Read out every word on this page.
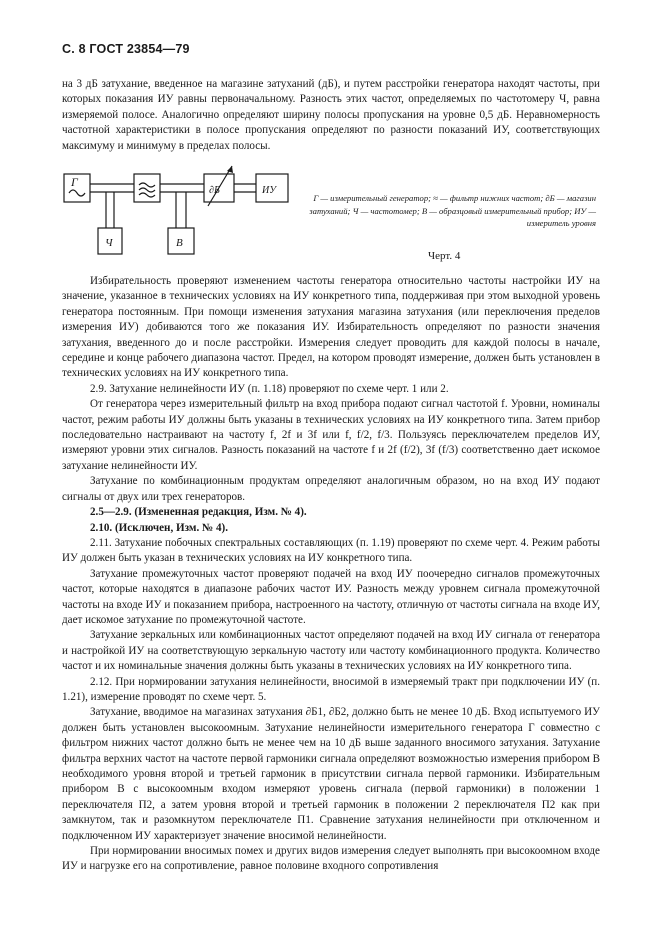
С. 8 ГОСТ 23854—79

на 3 дБ затухание, введенное на магазине затуханий (дБ), и путем расстройки генератора находят частоты, при которых показания ИУ равны первоначальному. Разность этих частот, определяемых по частотомеру Ч, равна измеряемой полосе. Аналогично определяют ширину полосы пропускания на уровне 0,5 дБ. Неравномерность частотной характеристики в полосе пропускания определяют по разности показаний ИУ, соответствующих максимуму и минимуму в пределах полосы.

Г
∂Б	ИУ
Ч	В
Г — измерительный генератор; ≈ — фильтр нижних частот; ∂Б — магазин затуханий; Ч — частотомер; В — образцовый измерительный прибор; ИУ — измеритель уровня
Черт. 4

Избирательность проверяют изменением частоты генератора относительно частоты настройки ИУ на значение, указанное в технических условиях на ИУ конкретного типа, поддерживая при этом выходной уровень генератора постоянным. При помощи изменения затухания магазина затухания (или переключения пределов измерения ИУ) добиваются того же показания ИУ. Избирательность определяют по разности значения затухания, введенного до и после расстройки. Измерения следует проводить для каждой полосы в начале, середине и конце рабочего диапазона частот. Предел, на котором проводят измерение, должен быть установлен в технических условиях на ИУ конкретного типа.

2.9. Затухание нелинейности ИУ (п. 1.18) проверяют по схеме черт. 1 или 2.

От генератора через измерительный фильтр на вход прибора подают сигнал частотой f. Уровни, номиналы частот, режим работы ИУ должны быть указаны в технических условиях на ИУ конкретного типа. Затем прибор последовательно настраивают на частоту f, 2f и 3f или f, f/2, f/3. Пользуясь переключателем пределов ИУ, измеряют уровни этих сигналов. Разность показаний на частоте f и 2f (f/2), 3f (f/3) соответственно дает искомое затухание нелинейности ИУ.

Затухание по комбинационным продуктам определяют аналогичным образом, но на вход ИУ подают сигналы от двух или трех генераторов.

2.5—2.9. (Измененная редакция, Изм. № 4).

2.10. (Исключен, Изм. № 4).

2.11. Затухание побочных спектральных составляющих (п. 1.19) проверяют по схеме черт. 4. Режим работы ИУ должен быть указан в технических условиях на ИУ конкретного типа.

Затухание промежуточных частот проверяют подачей на вход ИУ поочередно сигналов промежуточных частот, которые находятся в диапазоне рабочих частот ИУ. Разность между уровнем сигнала промежуточной частоты на входе ИУ и показанием прибора, настроенного на частоту, отличную от частоты сигнала на входе ИУ, дает искомое затухание по промежуточной частоте.

Затухание зеркальных или комбинационных частот определяют подачей на вход ИУ сигнала от генератора и настройкой ИУ на соответствующую зеркальную частоту или частоту комбинационного продукта. Количество частот и их номинальные значения должны быть указаны в технических условиях на ИУ конкретного типа.

2.12. При нормировании затухания нелинейности, вносимой в измеряемый тракт при подключении ИУ (п. 1.21), измерение проводят по схеме черт. 5.

Затухание, вводимое на магазинах затухания ∂Б1, ∂Б2, должно быть не менее 10 дБ. Вход испытуемого ИУ должен быть установлен высокоомным. Затухание нелинейности измерительного генератора Г совместно с фильтром нижних частот должно быть не менее чем на 10 дБ выше заданного вносимого затухания. Затухание фильтра верхних частот на частоте первой гармоники сигнала определяют возможностью измерения прибором В необходимого уровня второй и третьей гармоник в присутствии сигнала первой гармоники. Избирательным прибором В с высокоомным входом измеряют уровень сигнала (первой гармоники) в положении 1 переключателя П2, а затем уровня второй и третьей гармоник в положении 2 переключателя П2 как при замкнутом, так и разомкнутом переключателе П1. Сравнение затухания нелинейности при отключенном и подключенном ИУ характеризует значение вносимой нелинейности.

При нормировании вносимых помех и других видов измерения следует выполнять при высокоомном входе ИУ и нагрузке его на сопротивление, равное половине входного сопротивления
